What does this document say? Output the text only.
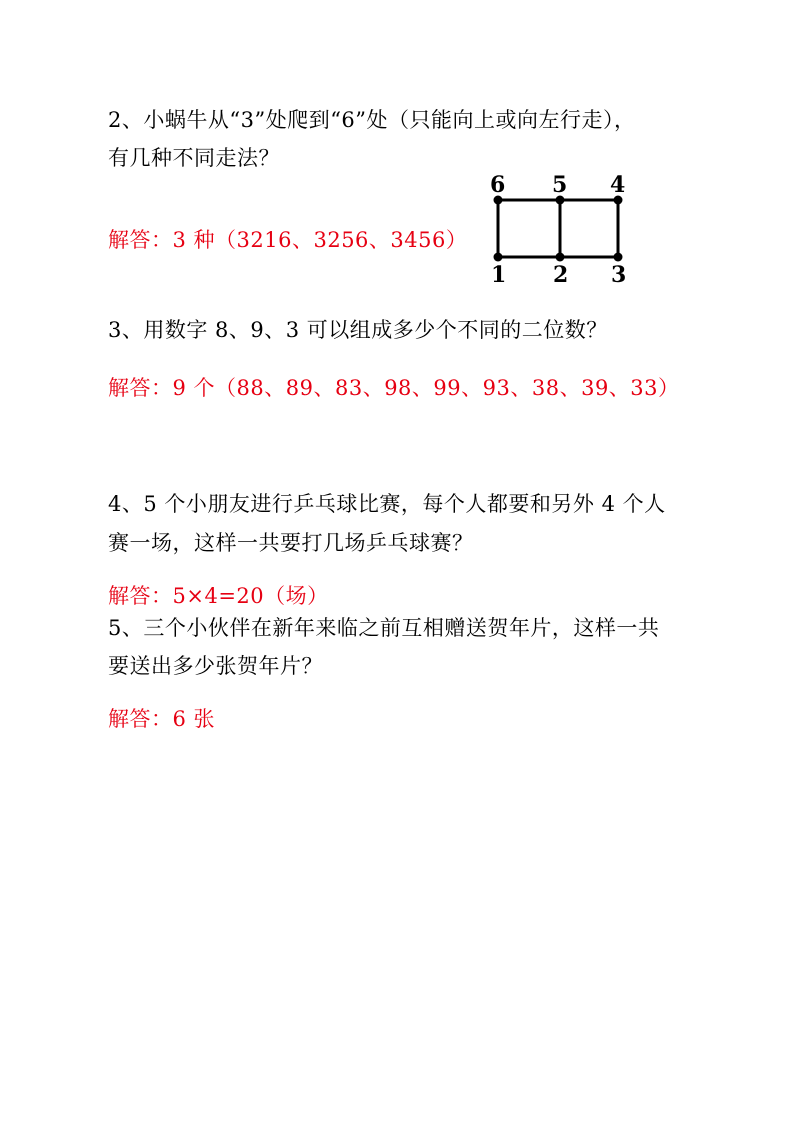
2、小蜗牛从“3”处爬到“6”处（只能向上或向左行走），
有几种不同走法？
解答：3 种（3216、3256、3456）
6 5 4
1 2 3
3、用数字 8、9、3 可以组成多少个不同的二位数？
解答：9 个（88、89、83、98、99、93、38、39、33）
4、5 个小朋友进行乒乓球比赛，每个人都要和另外 4 个人
赛一场，这样一共要打几场乒乓球赛？
解答：5×4=20（场）
5、三个小伙伴在新年来临之前互相赠送贺年片，这样一共
要送出多少张贺年片？
解答：6 张
